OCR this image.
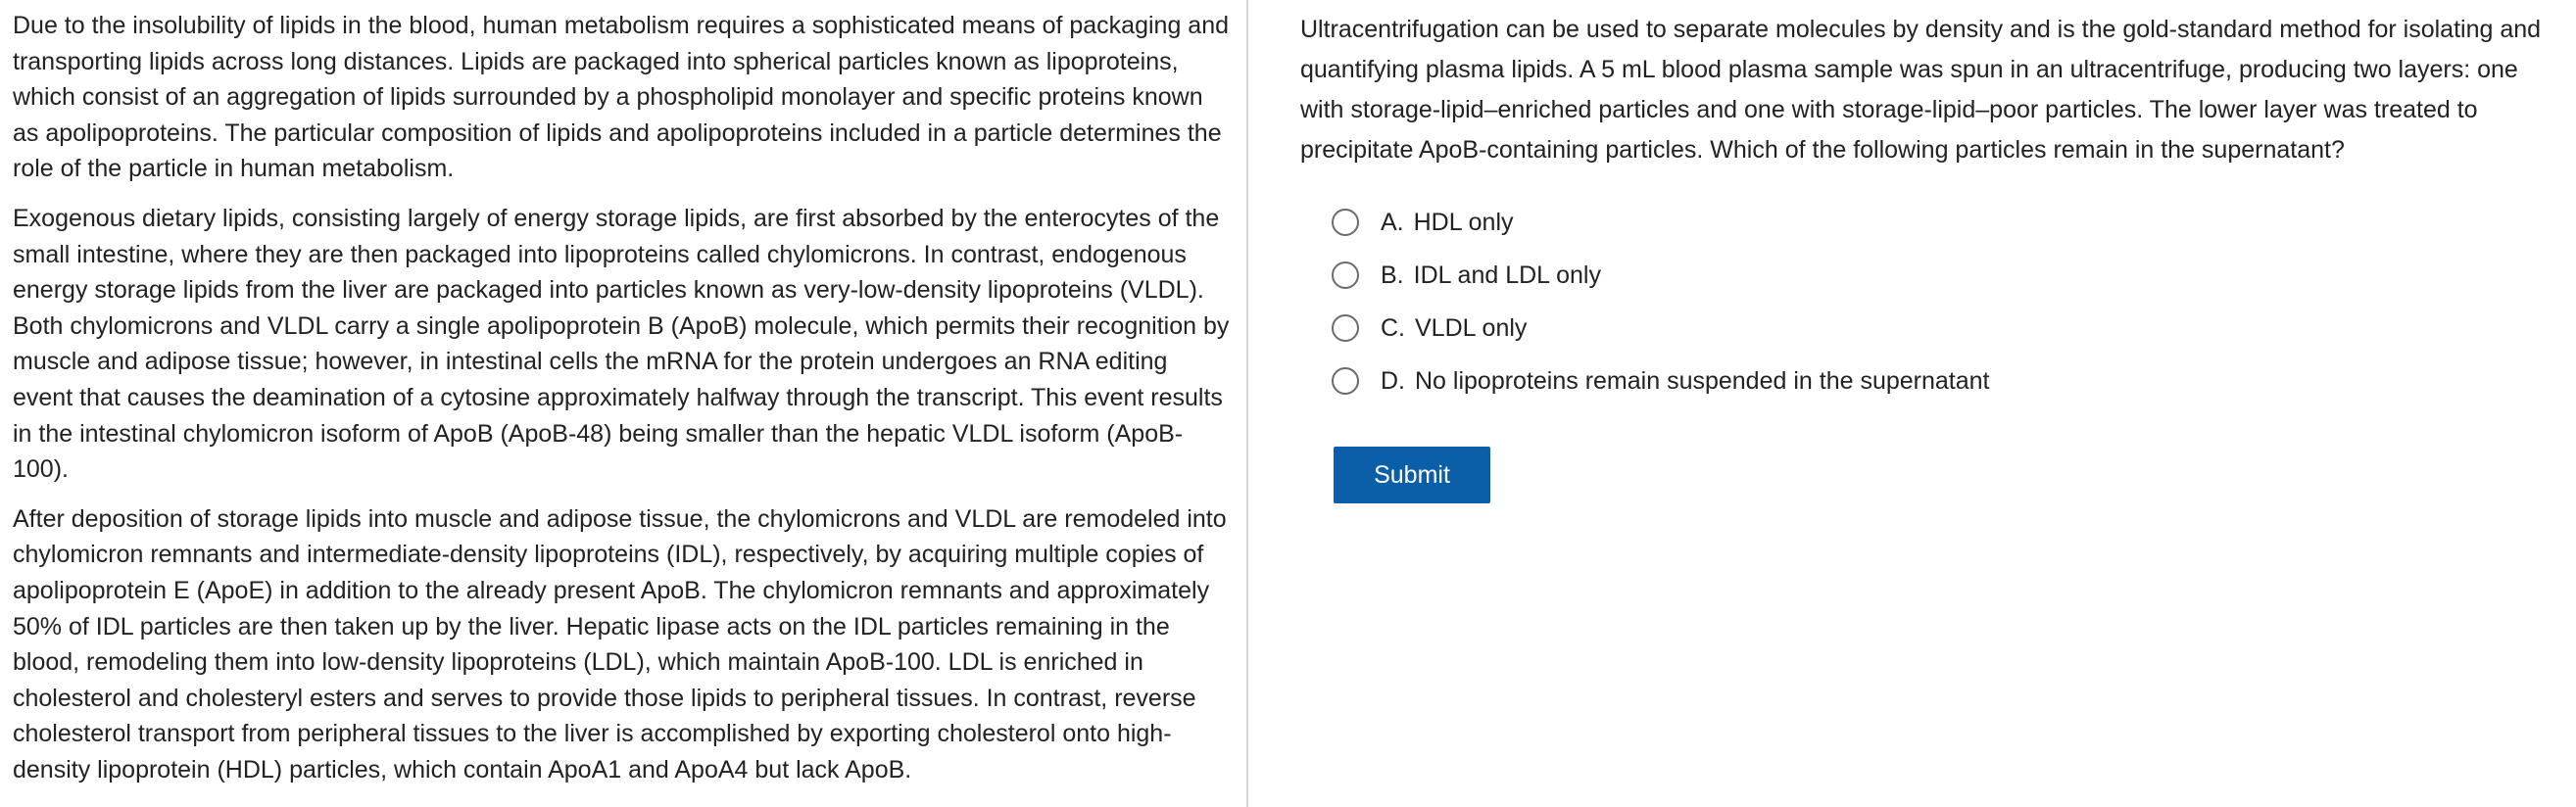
Due to the insolubility of lipids in the blood, human metabolism requires a sophisticated means of packaging and transporting lipids across long distances. Lipids are packaged into spherical particles known as lipoproteins, which consist of an aggregation of lipids surrounded by a phospholipid monolayer and specific proteins known as apolipoproteins. The particular composition of lipids and apolipoproteins included in a particle determines the role of the particle in human metabolism.

Exogenous dietary lipids, consisting largely of energy storage lipids, are first absorbed by the enterocytes of the small intestine, where they are then packaged into lipoproteins called chylomicrons. In contrast, endogenous energy storage lipids from the liver are packaged into particles known as very-low-density lipoproteins (VLDL). Both chylomicrons and VLDL carry a single apolipoprotein B (ApoB) molecule, which permits their recognition by muscle and adipose tissue; however, in intestinal cells the mRNA for the protein undergoes an RNA editing event that causes the deamination of a cytosine approximately halfway through the transcript. This event results in the intestinal chylomicron isoform of ApoB (ApoB-48) being smaller than the hepatic VLDL isoform (ApoB-100).

After deposition of storage lipids into muscle and adipose tissue, the chylomicrons and VLDL are remodeled into chylomicron remnants and intermediate-density lipoproteins (IDL), respectively, by acquiring multiple copies of apolipoprotein E (ApoE) in addition to the already present ApoB. The chylomicron remnants and approximately 50% of IDL particles are then taken up by the liver. Hepatic lipase acts on the IDL particles remaining in the blood, remodeling them into low-density lipoproteins (LDL), which maintain ApoB-100. LDL is enriched in cholesterol and cholesteryl esters and serves to provide those lipids to peripheral tissues. In contrast, reverse cholesterol transport from peripheral tissues to the liver is accomplished by exporting cholesterol onto high-density lipoprotein (HDL) particles, which contain ApoA1 and ApoA4 but lack ApoB.

Ultracentrifugation can be used to separate molecules by density and is the gold-standard method for isolating and quantifying plasma lipids. A 5 mL blood plasma sample was spun in an ultracentrifuge, producing two layers: one with storage-lipid–enriched particles and one with storage-lipid–poor particles. The lower layer was treated to precipitate ApoB-containing particles. Which of the following particles remain in the supernatant?

A. HDL only
B. IDL and LDL only
C. VLDL only
D. No lipoproteins remain suspended in the supernatant
Submit
